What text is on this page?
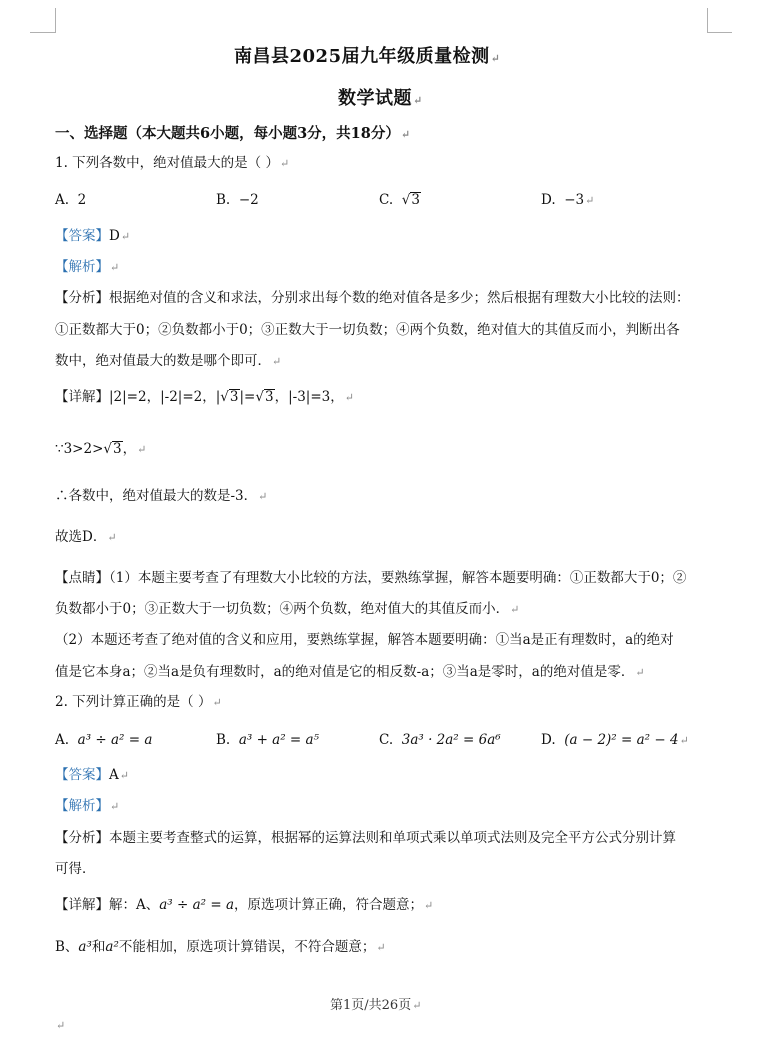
南昌县2025届九年级质量检测↵
数学试题↵
一、选择题（本大题共6小题，每小题3分，共18分）↵
1. 下列各数中，绝对值最大的是（ ）↵
A. 2	B. −2	C.  √3	D. −3↵
【答案】D↵
【解析】↵
【分析】根据绝对值的含义和求法，分别求出每个数的绝对值各是多少；然后根据有理数大小比较的法则：
①正数都大于0；②负数都小于0；③正数大于一切负数；④两个负数，绝对值大的其值反而小，判断出各
数中，绝对值最大的数是哪个即可．↵
【详解】|2|=2，|-2|=2，|√3|=√3，|-3|=3，↵
∵3>2>√3，↵
∴各数中，绝对值最大的数是-3．↵
故选D．↵
【点睛】（1）本题主要考查了有理数大小比较的方法，要熟练掌握，解答本题要明确：①正数都大于0；②
负数都小于0；③正数大于一切负数；④两个负数，绝对值大的其值反而小．↵
（2）本题还考查了绝对值的含义和应用，要熟练掌握，解答本题要明确：①当a是正有理数时，a的绝对
值是它本身a；②当a是负有理数时，a的绝对值是它的相反数-a；③当a是零时，a的绝对值是零．↵
2. 下列计算正确的是（ ）↵
A. a³ ÷ a² = a	B. a³ + a² = a⁵	C. 3a³ · 2a² = 6a⁶	D. (a − 2)² = a² − 4↵
【答案】A↵
【解析】↵
【分析】本题主要考查整式的运算，根据幂的运算法则和单项式乘以单项式法则及完全平方公式分别计算
可得．
【详解】解：A、a³ ÷ a² = a，原选项计算正确，符合题意；↵
B、a³和a²不能相加，原选项计算错误，不符合题意；↵
第1页/共26页↵
↵
